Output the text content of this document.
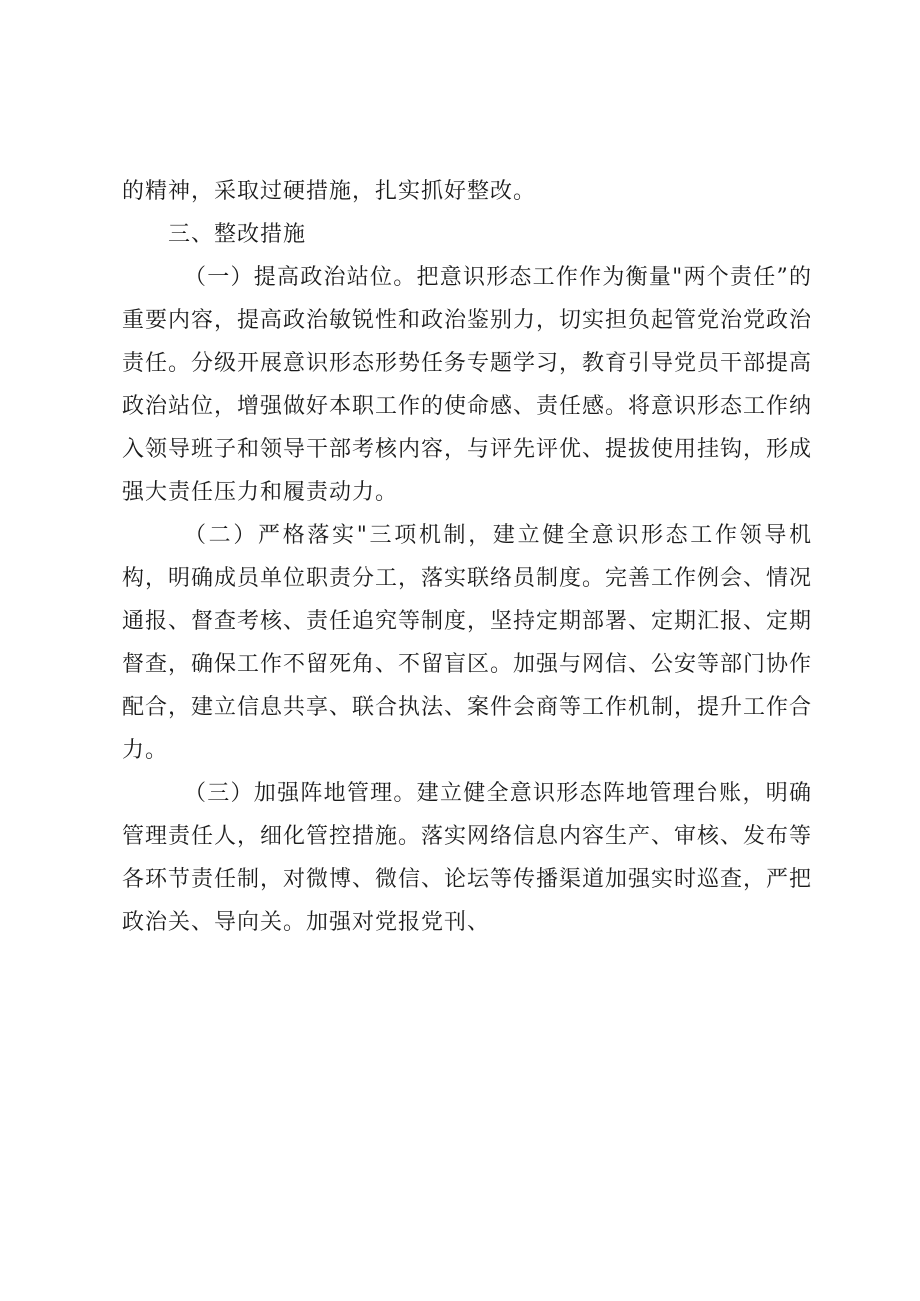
的精神，采取过硬措施，扎实抓好整改。

三、整改措施

（一）提高政治站位。把意识形态工作作为衡量"两个责任”的重要内容，提高政治敏锐性和政治鉴别力，切实担负起管党治党政治责任。分级开展意识形态形势任务专题学习，教育引导党员干部提高政治站位，增强做好本职工作的使命感、责任感。将意识形态工作纳入领导班子和领导干部考核内容，与评先评优、提拔使用挂钩，形成强大责任压力和履责动力。

（二）严格落实"三项机制，建立健全意识形态工作领导机构，明确成员单位职责分工，落实联络员制度。完善工作例会、情况通报、督查考核、责任追究等制度，坚持定期部署、定期汇报、定期督查，确保工作不留死角、不留盲区。加强与网信、公安等部门协作配合，建立信息共享、联合执法、案件会商等工作机制，提升工作合力。

（三）加强阵地管理。建立健全意识形态阵地管理台账，明确管理责任人，细化管控措施。落实网络信息内容生产、审核、发布等各环节责任制，对微博、微信、论坛等传播渠道加强实时巡查，严把政治关、导向关。加强对党报党刊、
